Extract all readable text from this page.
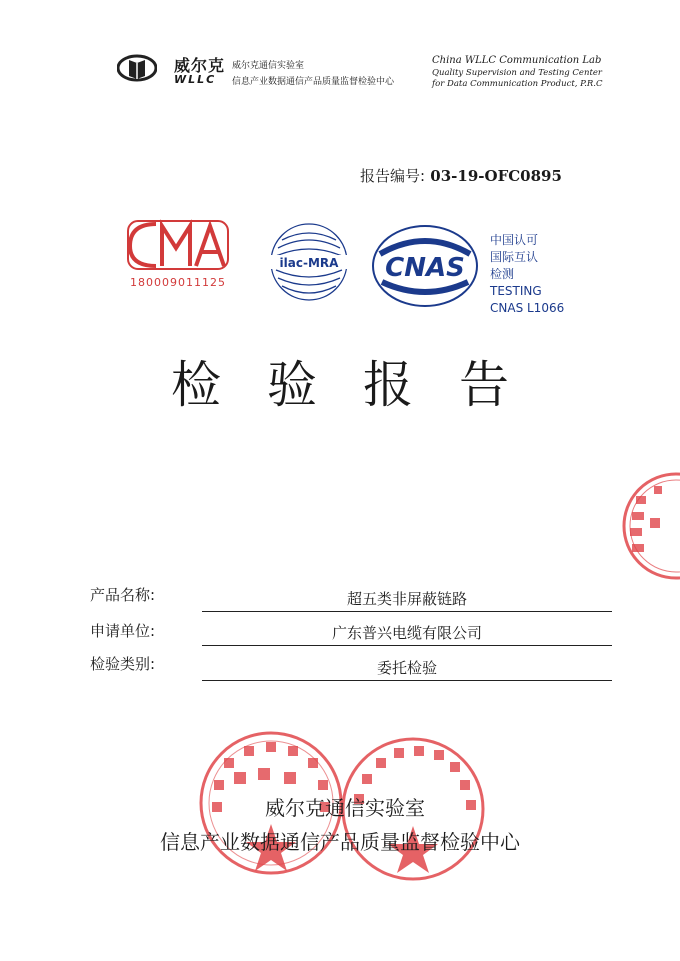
威尔克
WLLC
威尔克通信实验室
信息产业数据通信产品质量监督检验中心
China WLLC Communication Lab
Quality Supervision and Testing Center
for Data Communication Product, P.R.C
报告编号: 03-19-OFC0895
180009011125
ilac-MRA CNAS
中国认可
国际互认
检测
TESTING
CNAS L1066
检验报告
产品名称:	超五类非屏蔽链路
申请单位:	广东普兴电缆有限公司
检验类别:	委托检验
威尔克通信实验室
信息产业数据通信产品质量监督检验中心
